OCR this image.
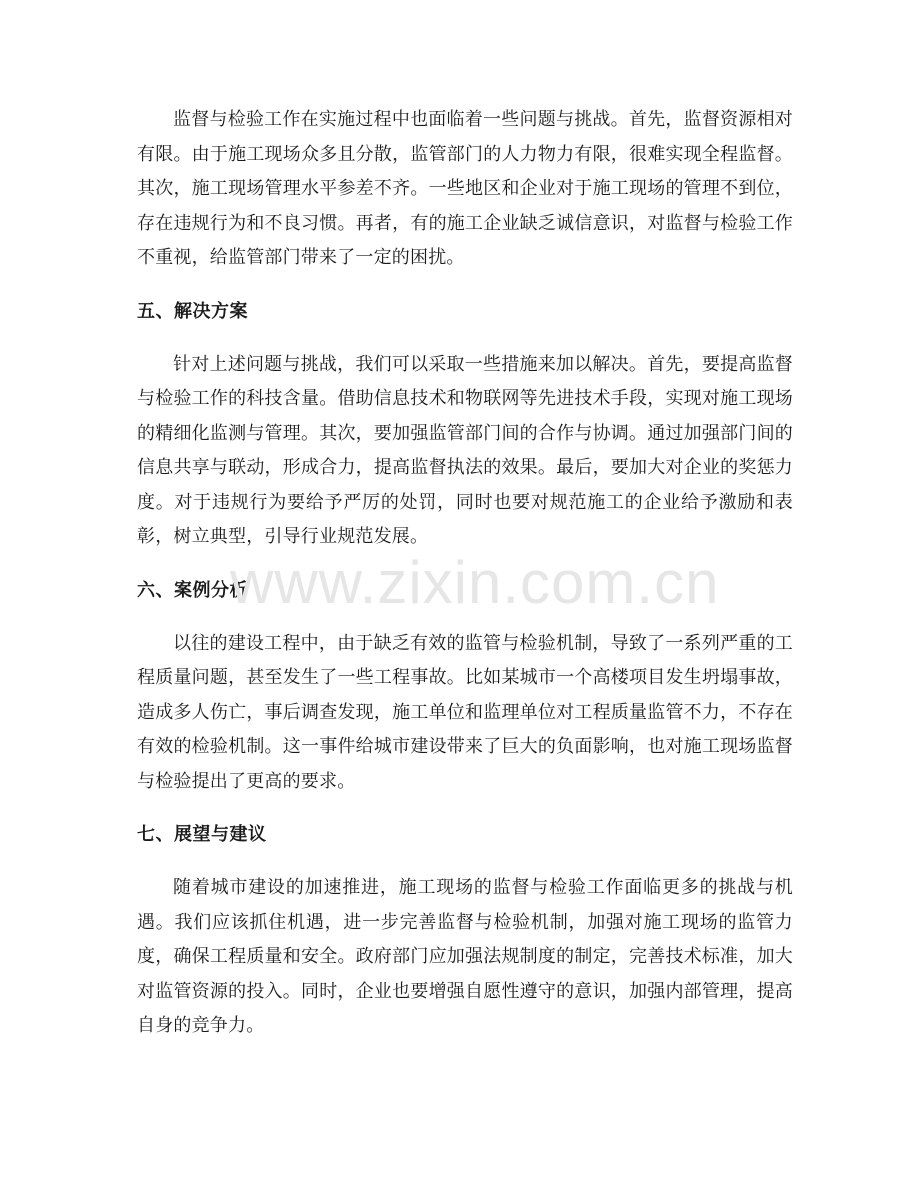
监督与检验工作在实施过程中也面临着一些问题与挑战。首先，监督资源相对有限。由于施工现场众多且分散，监管部门的人力物力有限，很难实现全程监督。其次，施工现场管理水平参差不齐。一些地区和企业对于施工现场的管理不到位，存在违规行为和不良习惯。再者，有的施工企业缺乏诚信意识，对监督与检验工作不重视，给监管部门带来了一定的困扰。

五、解决方案

针对上述问题与挑战，我们可以采取一些措施来加以解决。首先，要提高监督与检验工作的科技含量。借助信息技术和物联网等先进技术手段，实现对施工现场的精细化监测与管理。其次，要加强监管部门间的合作与协调。通过加强部门间的信息共享与联动，形成合力，提高监督执法的效果。最后，要加大对企业的奖惩力度。对于违规行为要给予严厉的处罚，同时也要对规范施工的企业给予激励和表彰，树立典型，引导行业规范发展。

六、案例分析

以往的建设工程中，由于缺乏有效的监管与检验机制，导致了一系列严重的工程质量问题，甚至发生了一些工程事故。比如某城市一个高楼项目发生坍塌事故，造成多人伤亡，事后调查发现，施工单位和监理单位对工程质量监管不力，不存在有效的检验机制。这一事件给城市建设带来了巨大的负面影响，也对施工现场监督与检验提出了更高的要求。

七、展望与建议

随着城市建设的加速推进，施工现场的监督与检验工作面临更多的挑战与机遇。我们应该抓住机遇，进一步完善监督与检验机制，加强对施工现场的监管力度，确保工程质量和安全。政府部门应加强法规制度的制定，完善技术标准，加大对监管资源的投入。同时，企业也要增强自愿性遵守的意识，加强内部管理，提高自身的竞争力。

www.zixin.com.cn
